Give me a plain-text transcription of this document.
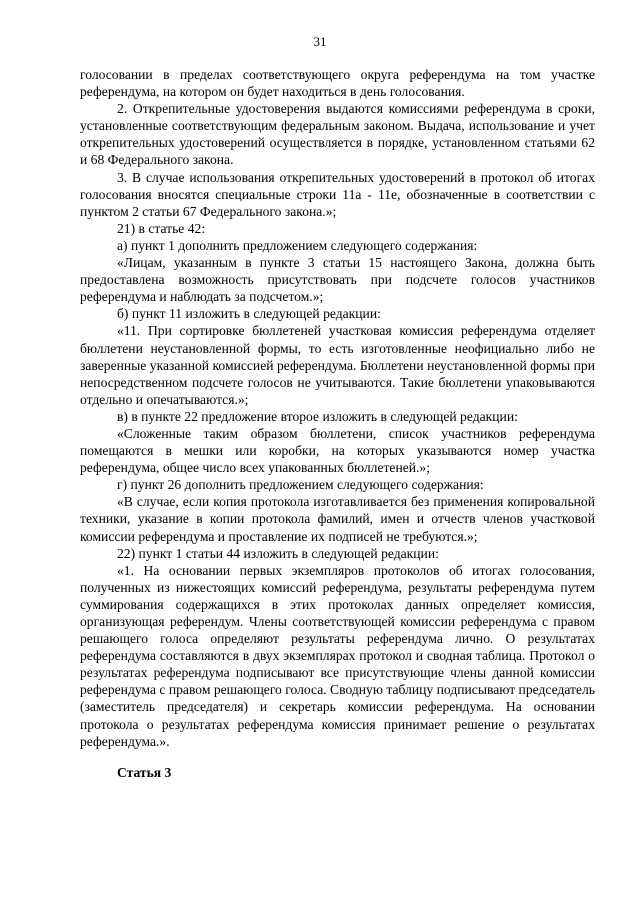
31

голосовании в пределах соответствующего округа референдума на том участке референдума, на котором он будет находиться в день голосования.

2. Открепительные удостоверения выдаются комиссиями референдума в сроки, установленные соответствующим федеральным законом. Выдача, использование и учет открепительных удостоверений осуществляется в порядке, установленном статьями 62 и 68 Федерального закона.

3. В случае использования открепительных удостоверений в протокол об итогах голосования вносятся специальные строки 11а - 11е, обозначенные в соответствии с пунктом 2 статьи 67 Федерального закона.»;

21) в статье 42:

а) пункт 1 дополнить предложением следующего содержания:

«Лицам, указанным в пункте 3 статьи 15 настоящего Закона, должна быть предоставлена возможность присутствовать при подсчете голосов участников референдума и наблюдать за подсчетом.»;

б) пункт 11 изложить в следующей редакции:

«11. При сортировке бюллетеней участковая комиссия референдума отделяет бюллетени неустановленной формы, то есть изготовленные неофициально либо не заверенные указанной комиссией референдума. Бюллетени неустановленной формы при непосредственном подсчете голосов не учитываются. Такие бюллетени упаковываются отдельно и опечатываются.»;

в) в пункте 22 предложение второе изложить в следующей редакции:

«Сложенные таким образом бюллетени, список участников референдума помещаются в мешки или коробки, на которых указываются номер участка референдума, общее число всех упакованных бюллетеней.»;

г) пункт 26 дополнить предложением следующего содержания:

«В случае, если копия протокола изготавливается без применения копировальной техники, указание в копии протокола фамилий, имен и отчеств членов участковой комиссии референдума и проставление их подписей не требуются.»;

22) пункт 1 статьи 44 изложить в следующей редакции:

«1. На основании первых экземпляров протоколов об итогах голосования, полученных из нижестоящих комиссий референдума, результаты референдума путем суммирования содержащихся в этих протоколах данных определяет комиссия, организующая референдум. Члены соответствующей комиссии референдума с правом решающего голоса определяют результаты референдума лично. О результатах референдума составляются в двух экземплярах протокол и сводная таблица. Протокол о результатах референдума подписывают все присутствующие члены данной комиссии референдума с правом решающего голоса. Сводную таблицу подписывают председатель (заместитель председателя) и секретарь комиссии референдума. На основании протокола о результатах референдума комиссия принимает решение о результатах референдума.».

Статья 3
